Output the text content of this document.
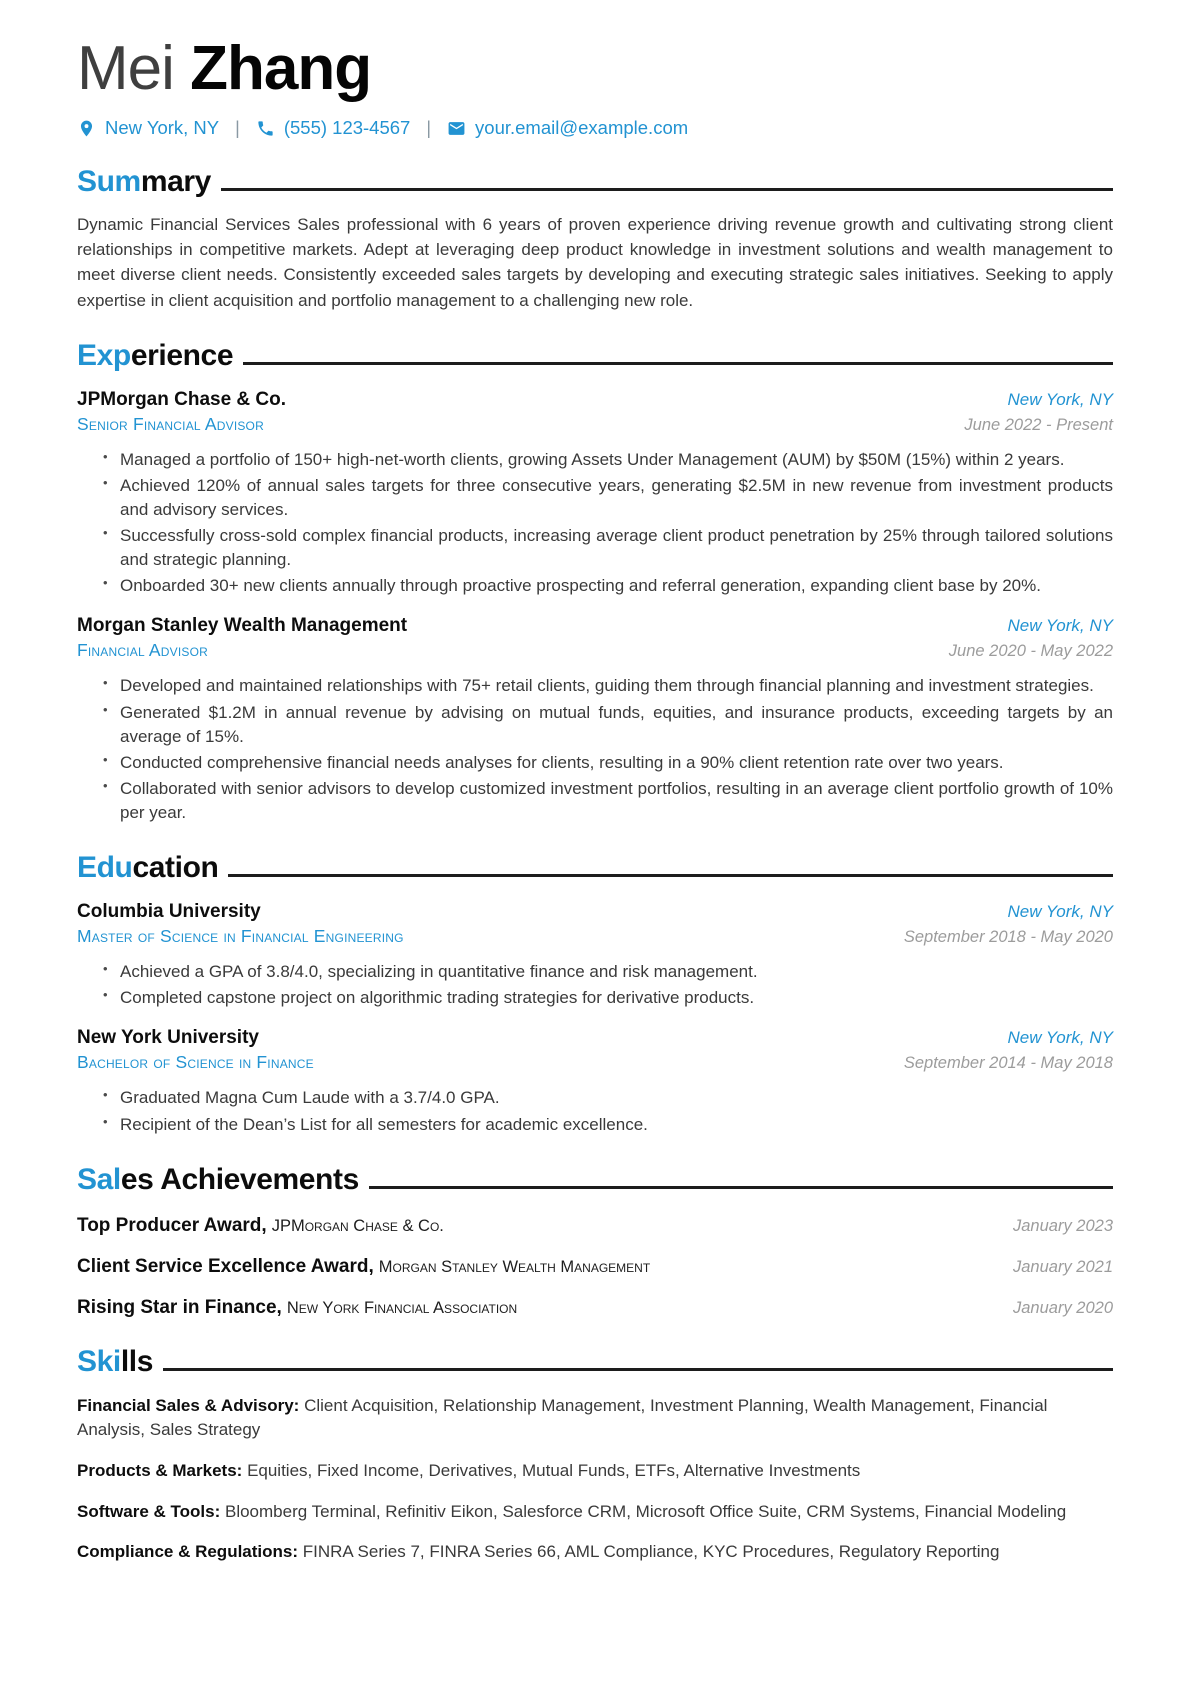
Mei Zhang
New York, NY | (555) 123-4567 | your.email@example.com
Sum mary

Dynamic Financial Services Sales professional with 6 years of proven experience driving revenue growth and cultivating strong client relationships in competitive markets. Adept at leveraging deep product knowledge in investment solutions and wealth management to meet diverse client needs. Consistently exceeded sales targets by developing and executing strategic sales initiatives. Seeking to apply expertise in client acquisition and portfolio management to a challenging new role.

Exp erience
JPMorgan Chase & Co.	New York, NY
Senior Financial Advisor	June 2022 - Present
• Managed a portfolio of 150+ high-net-worth clients, growing Assets Under Management (AUM) by $50M (15%) within 2 years.
• Achieved 120% of annual sales targets for three consecutive years, generating $2.5M in new revenue from investment products and advisory services.
• Successfully cross-sold complex financial products, increasing average client product penetration by 25% through tailored solutions and strategic planning.
• Onboarded 30+ new clients annually through proactive prospecting and referral generation, expanding client base by 20%.
Morgan Stanley Wealth Management	New York, NY
Financial Advisor	June 2020 - May 2022
• Developed and maintained relationships with 75+ retail clients, guiding them through financial planning and investment strategies.
• Generated $1.2M in annual revenue by advising on mutual funds, equities, and insurance products, exceeding targets by an average of 15%.
• Conducted comprehensive financial needs analyses for clients, resulting in a 90% client retention rate over two years.
• Collaborated with senior advisors to develop customized investment portfolios, resulting in an average client portfolio growth of 10% per year.
Edu cation
Columbia University	New York, NY
Master of Science in Financial Engineering	September 2018 - May 2020
• Achieved a GPA of 3.8/4.0, specializing in quantitative finance and risk management.
• Completed capstone project on algorithmic trading strategies for derivative products.
New York University	New York, NY
Bachelor of Science in Finance	September 2014 - May 2018
• Graduated Magna Cum Laude with a 3.7/4.0 GPA.
• Recipient of the Dean’s List for all semesters for academic excellence.
Sal es Achievements
Top Producer Award, JPMorgan Chase & Co.	January 2023
Client Service Excellence Award, Morgan Stanley Wealth Management	January 2021
Rising Star in Finance, New York Financial Association	January 2020
Ski lls

Financial Sales & Advisory: Client Acquisition, Relationship Management, Investment Planning, Wealth Management, Financial Analysis, Sales Strategy

Products & Markets: Equities, Fixed Income, Derivatives, Mutual Funds, ETFs, Alternative Investments

Software & Tools: Bloomberg Terminal, Refinitiv Eikon, Salesforce CRM, Microsoft Office Suite, CRM Systems, Financial Modeling

Compliance & Regulations: FINRA Series 7, FINRA Series 66, AML Compliance, KYC Procedures, Regulatory Reporting
